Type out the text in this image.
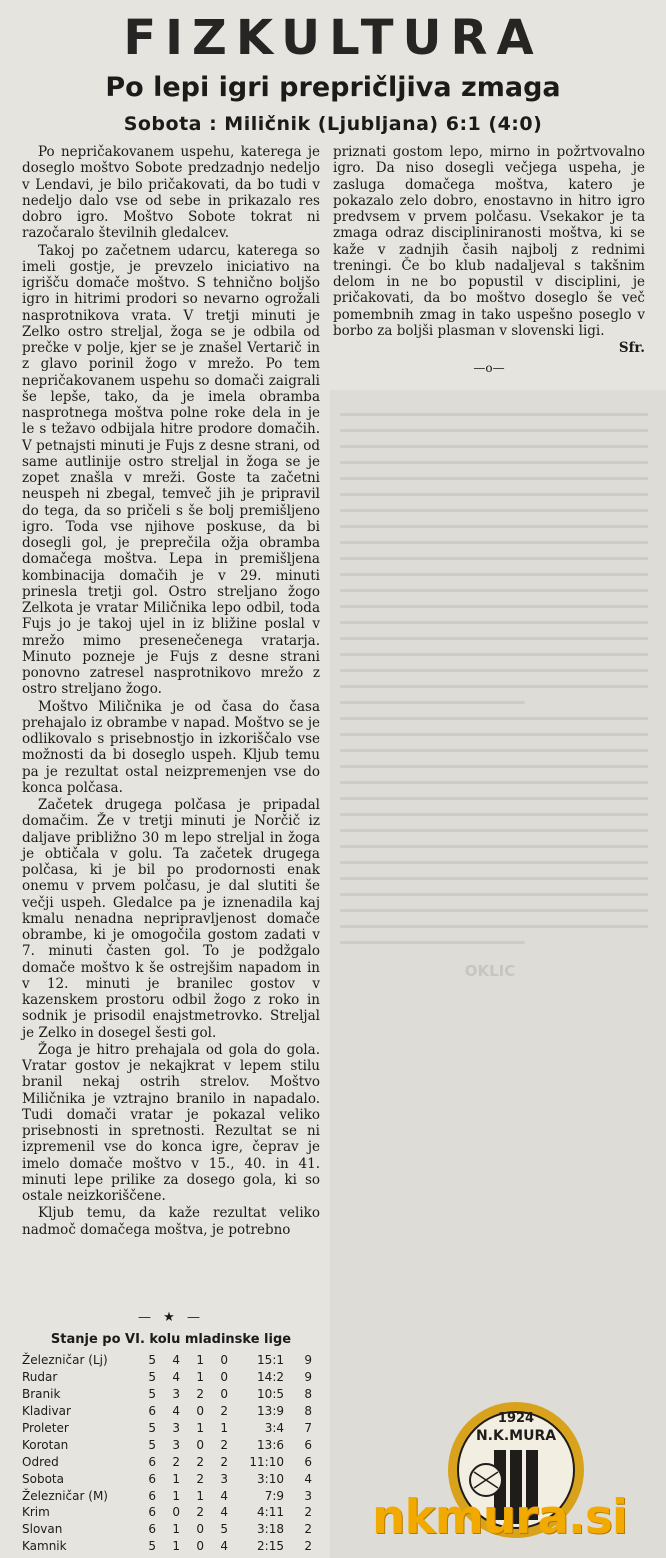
FIZKULTURA
Po lepi igri prepričljiva zmaga
Sobota : Miličnik (Ljubljana) 6:1 (4:0)

Po nepričakovanem uspehu, katerega je doseglo moštvo Sobote predzadnjo nedeljo v Lendavi, je bilo pričakovati, da bo tudi v nedeljo dalo vse od sebe in prikazalo res dobro igro. Moštvo Sobote tokrat ni razočaralo številnih gledalcev.

Takoj po začetnem udarcu, katerega so imeli gostje, je prevzelo iniciativo na igrišču domače moštvo. S tehnično boljšo igro in hitrimi prodori so nevarno ogrožali nasprotnikova vrata. V tretji minuti je Zelko ostro streljal, žoga se je odbila od prečke v polje, kjer se je znašel Vertarič in z glavo porinil žogo v mrežo. Po tem nepričakovanem uspehu so domači zaigrali še lepše, tako, da je imela obramba nasprotnega moštva polne roke dela in je le s težavo odbijala hitre prodore domačih. V petnajsti minuti je Fujs z desne strani, od same autlinije ostro streljal in žoga se je zopet znašla v mreži. Goste ta začetni neuspeh ni zbegal, temveč jih je pripravil do tega, da so pričeli s še bolj premišljeno igro. Toda vse njihove poskuse, da bi dosegli gol, je preprečila ožja obramba domačega moštva. Lepa in premišljena kombinacija domačih je v 29. minuti prinesla tretji gol. Ostro streljano žogo Zelkota je vratar Miličnika lepo odbil, toda Fujs jo je takoj ujel in iz bližine poslal v mrežo mimo presenečenega vratarja. Minuto pozneje je Fujs z desne strani ponovno zatresel nasprotnikovo mrežo z ostro streljano žogo.

Moštvo Miličnika je od časa do časa prehajalo iz obrambe v napad. Moštvo se je odlikovalo s prisebnostjo in izkoriščalo vse možnosti da bi doseglo uspeh. Kljub temu pa je rezultat ostal neizpremenjen vse do konca polčasa.

Začetek drugega polčasa je pripadal domačim. Že v tretji minuti je Norčič iz daljave približno 30 m lepo streljal in žoga je obtičala v golu. Ta začetek drugega polčasa, ki je bil po prodornosti enak onemu v prvem polčasu, je dal slutiti še večji uspeh. Gledalce pa je iznenadila kaj kmalu nenadna nepripravljenost domače obrambe, ki je omogočila gostom zadati v 7. minuti časten gol. To je podžgalo domače moštvo k še ostrejšim napadom in v 12. minuti je branilec gostov v kazenskem prostoru odbil žogo z roko in sodnik je prisodil enajstmetrovko. Streljal je Zelko in dosegel šesti gol.

Žoga je hitro prehajala od gola do gola. Vratar gostov je nekajkrat v lepem stilu branil nekaj ostrih strelov. Moštvo Miličnika je vztrajno branilo in napadalo. Tudi domači vratar je pokazal veliko prisebnosti in spretnosti. Rezultat se ni izpremenil vse do konca igre, čeprav je imelo domače moštvo v 15., 40. in 41. minuti lepe prilike za dosego gola, ki so ostale neizkoriščene.

Kljub temu, da kaže rezultat veliko nadmoč domačega moštva, je potrebno

priznati gostom lepo, mirno in požrtvovalno igro. Da niso dosegli večjega uspeha, je zasluga domačega moštva, katero je pokazalo zelo dobro, enostavno in hitro igro predvsem v prvem polčasu. Vsekakor je ta zmaga odraz discipliniranosti moštva, ki se kaže v zadnjih časih najbolj z rednimi treningi. Če bo klub nadaljeval s takšnim delom in ne bo popustil v disciplini, je pričakovati, da bo moštvo doseglo še več pomembnih zmag in tako uspešno poseglo v borbo za boljši plasman v slovenski ligi.

Sfr.
—o—
OKLIC
— ★ —
Stanje po VI. kolu mladinske lige
Železničar (Lj)	5	4	1	0	15:1	9
Rudar	5	4	1	0	14:2	9
Branik	5	3	2	0	10:5	8
Kladivar	6	4	0	2	13:9	8
Proleter	5	3	1	1	3:4	7
Korotan	5	3	0	2	13:6	6
Odred	6	2	2	2	11:10	6
Sobota	6	1	2	3	3:10	4
Železničar (M)	6	1	1	4	7:9	3
Krim	6	0	2	4	4:11	2
Slovan	6	1	0	5	3:18	2
Kamnik	5	1	0	4	2:15	2
1924
N.K.MURA
nkmura.si
